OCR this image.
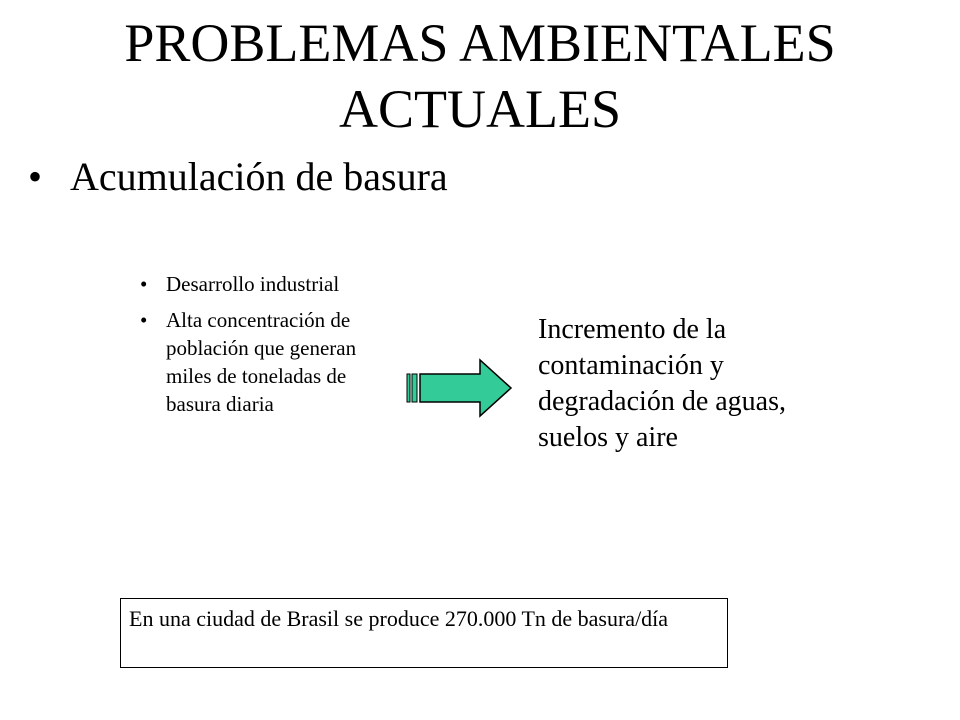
PROBLEMAS AMBIENTALES
ACTUALES
• Acumulación de basura
• Desarrollo industrial
• Alta concentración de población que generan miles de toneladas de basura diaria
Incremento de la contaminación y degradación de aguas, suelos y aire
En una ciudad de Brasil se produce 270.000 Tn de basura/día
